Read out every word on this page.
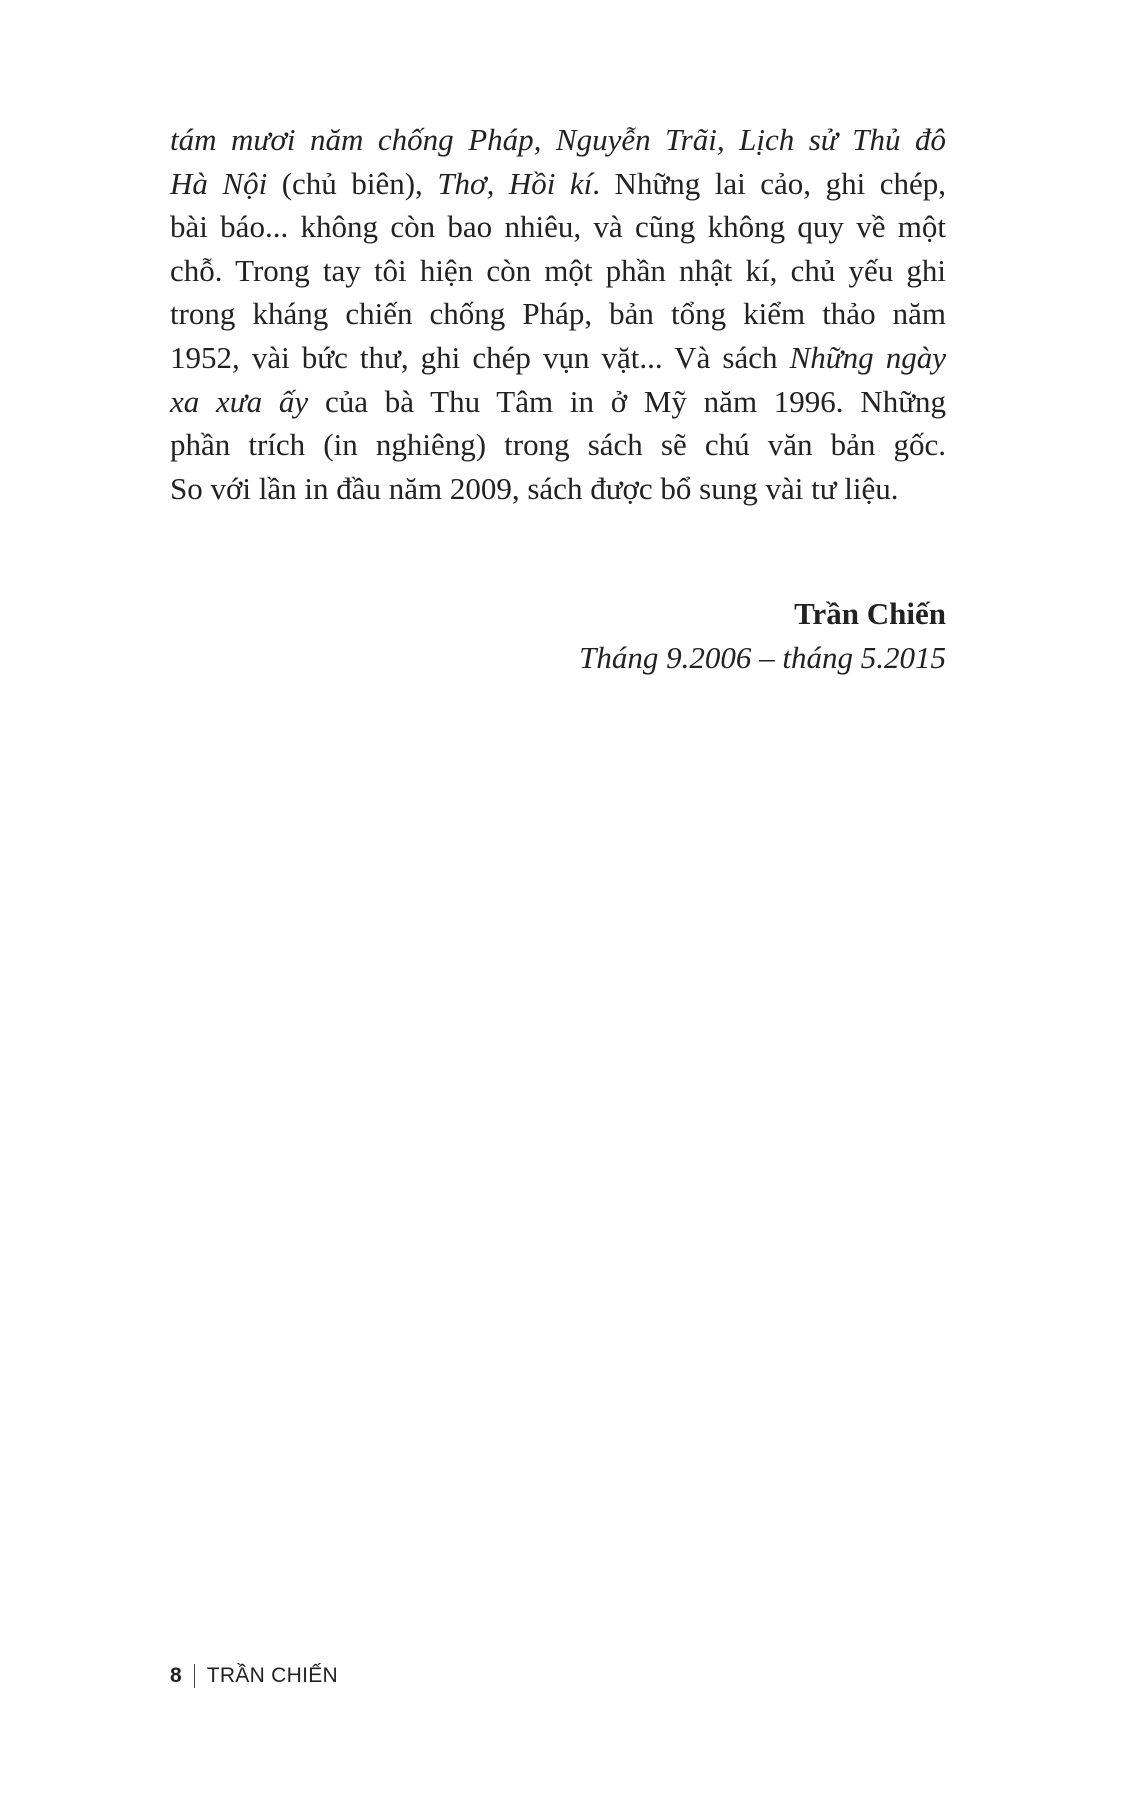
tám mươi năm chống Pháp, Nguyễn Trãi, Lịch sử Thủ đô
Hà Nội (chủ biên), Thơ, Hồi kí. Những lai cảo, ghi chép,
bài báo... không còn bao nhiêu, và cũng không quy về một
chỗ. Trong tay tôi hiện còn một phần nhật kí, chủ yếu ghi
trong kháng chiến chống Pháp, bản tổng kiểm thảo năm
1952, vài bức thư, ghi chép vụn vặt... Và sách Những ngày
xa xưa ấy của bà Thu Tâm in ở Mỹ năm 1996. Những
phần trích (in nghiêng) trong sách sẽ chú văn bản gốc.
So với lần in đầu năm 2009, sách được bổ sung vài tư liệu.
Trần Chiến
Tháng 9.2006 – tháng 5.2015
8 TRẦN CHIẾN
